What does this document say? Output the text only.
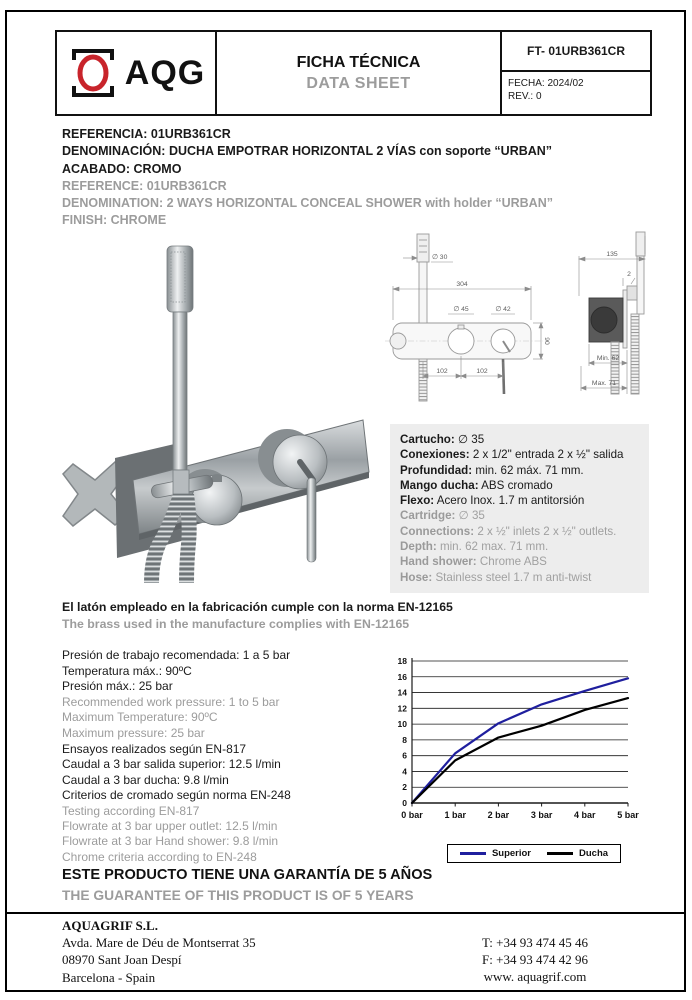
AQG	FICHA TÉCNICA
DATA SHEET
FT- 01URB361CR
FECHA: 2024/02
REV.: 0
REFERENCIA: 01URB361CR
DENOMINACIÓN: DUCHA EMPOTRAR HORIZONTAL 2 VÍAS con soporte “URBAN”
ACABADO: CROMO
REFERENCE: 01URB361CR
DENOMINATION: 2 WAYS HORIZONTAL CONCEAL SHOWER with holder “URBAN”
FINISH: CHROME
∅ 30
304
∅ 45	∅ 42
90
102	102
135
2
Min. 62
Max. 71
Cartucho: ∅ 35
Conexiones: 2 x 1/2" entrada 2 x ½" salida
Profundidad: min. 62 máx. 71 mm.
Mango ducha: ABS cromado
Flexo: Acero Inox. 1.7 m antitorsión
Cartridge: ∅ 35
Connections: 2 x ½" inlets 2 x ½" outlets.
Depth: min. 62 max. 71 mm.
Hand shower: Chrome ABS
Hose: Stainless steel 1.7 m anti-twist
El latón empleado en la fabricación cumple con la norma EN-12165
The brass used in the manufacture complies with EN-12165
Presión de trabajo recomendada: 1 a 5 bar
Temperatura máx.: 90ºC
Presión máx.: 25 bar
Recommended work pressure: 1 to 5 bar
Maximum Temperature: 90ºC
Maximum pressure: 25 bar
Ensayos realizados según EN-817
Caudal a 3 bar salida superior: 12.5 l/min
Caudal a 3 bar ducha: 9.8 l/min
Criterios de cromado según norma EN-248
Testing according EN-817
Flowrate at 3 bar upper outlet: 12.5 l/min
Flowrate at 3 bar Hand shower: 9.8 l/min
Chrome criteria according to EN-248
0
2
4
6
8
10
12
14
16
18
0 bar 1 bar 2 bar 3 bar 4 bar 5 bar
Superior	Ducha
ESTE PRODUCTO TIENE UNA GARANTÍA DE 5 AÑOS
THE GUARANTEE OF THIS PRODUCT IS OF 5 YEARS
AQUAGRIF S.L.
Avda. Mare de Déu de Montserrat 35
08970 Sant Joan Despí
Barcelona - Spain
T: +34 93 474 45 46
F: +34 93 474 42 96
www. aquagrif.com
